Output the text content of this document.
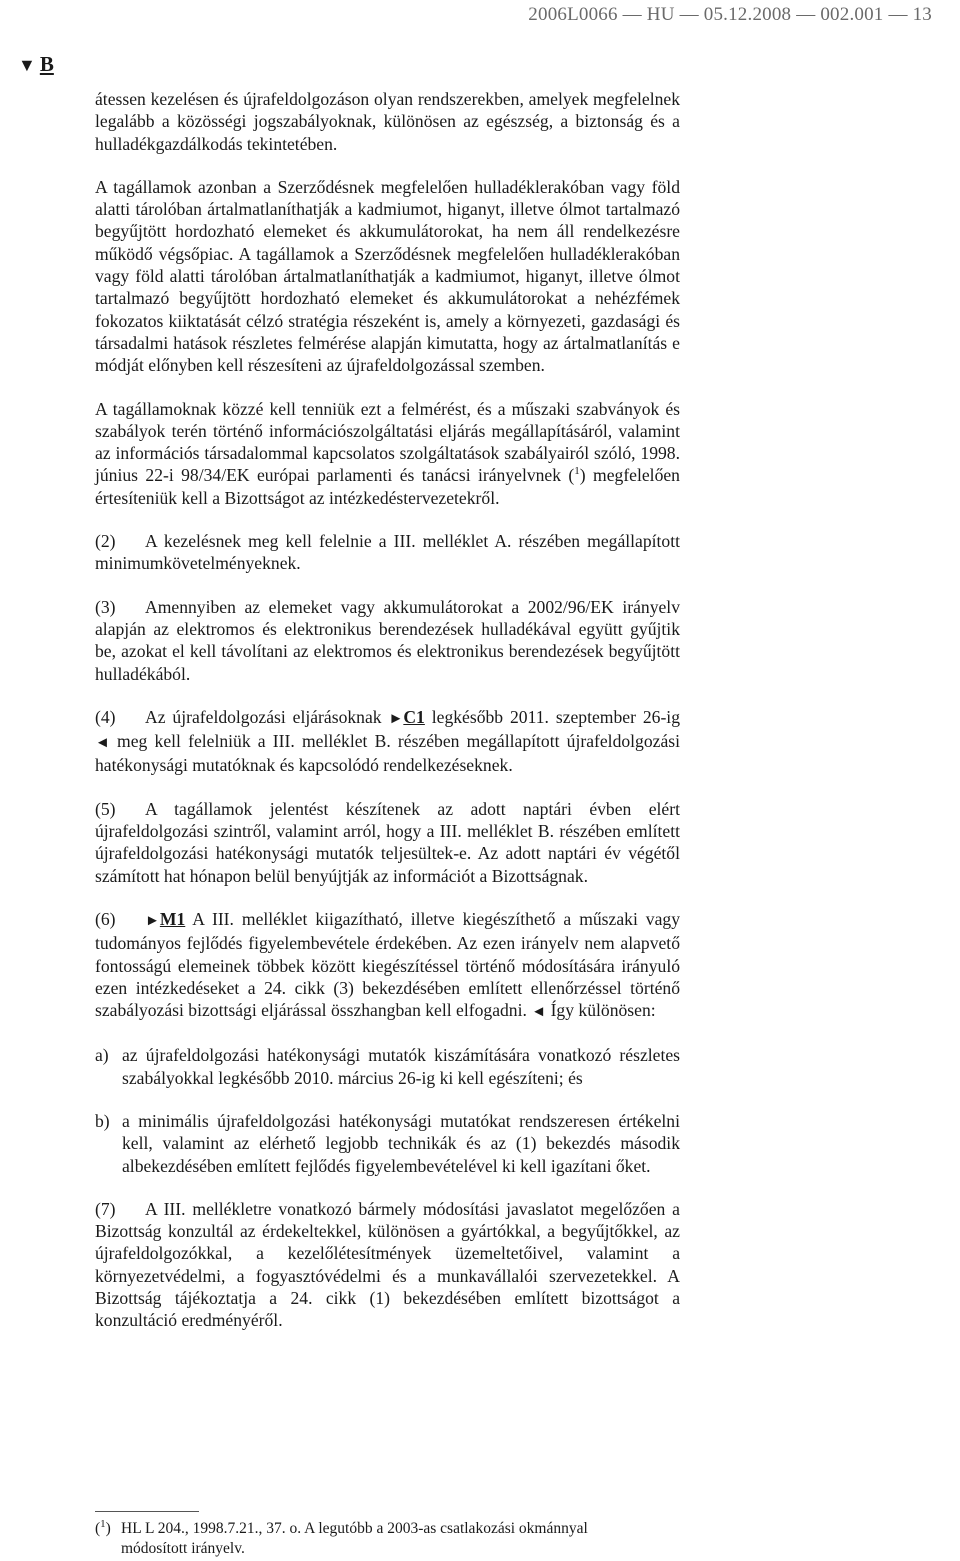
2006L0066 — HU — 05.12.2008 — 002.001 — 13
▼ B

átessen kezelésen és újrafeldolgozáson olyan rendszerekben, amelyek megfelelnek legalább a közösségi jogszabályoknak, különösen az egészség, a biztonság és a hulladékgazdálkodás tekintetében.

A tagállamok azonban a Szerződésnek megfelelően hulladéklerakóban vagy föld alatti tárolóban ártalmatlaníthatják a kadmiumot, higanyt, illetve ólmot tartalmazó begyűjtött hordozható elemeket és akkumulátorokat, ha nem áll rendelkezésre működő végsőpiac. A tagállamok a Szerződésnek megfelelően hulladéklerakóban vagy föld alatti tárolóban ártalmatlaníthatják a kadmiumot, higanyt, illetve ólmot tartalmazó begyűjtött hordozható elemeket és akkumulátorokat a nehézfémek fokozatos kiiktatását célzó stratégia részeként is, amely a környezeti, gazdasági és társadalmi hatások részletes felmérése alapján kimutatta, hogy az ártalmatlanítás e módját előnyben kell részesíteni az újrafeldolgozással szemben.

A tagállamoknak közzé kell tenniük ezt a felmérést, és a műszaki szabványok és szabályok terén történő információszolgáltatási eljárás megállapításáról, valamint az információs társadalommal kapcsolatos szolgáltatások szabályairól szóló, 1998. június 22-i 98/34/EK európai parlamenti és tanácsi irányelvnek ($^1$) megfelelően értesíteniük kell a Bizottságot az intézkedéstervezetekről.

(2) A kezelésnek meg kell felelnie a III. melléklet A. részében megállapított minimumkövetelményeknek.

(3) Amennyiben az elemeket vagy akkumulátorokat a 2002/96/EK irányelv alapján az elektromos és elektronikus berendezések hulladékával együtt gyűjtik be, azokat el kell távolítani az elektromos és elektronikus berendezések begyűjtött hulladékából.

(4) Az újrafeldolgozási eljárásoknak ►C1 legkésőbb 2011. szeptember 26-ig ◄ meg kell felelniük a III. melléklet B. részében megállapított újrafeldolgozási hatékonysági mutatóknak és kapcsolódó rendelkezéseknek.

(5) A tagállamok jelentést készítenek az adott naptári évben elért újrafeldolgozási szintről, valamint arról, hogy a III. melléklet B. részében említett újrafeldolgozási hatékonysági mutatók teljesültek-e. Az adott naptári év végétől számított hat hónapon belül benyújtják az információt a Bizottságnak.

(6) ►M1 A III. melléklet kiigazítható, illetve kiegészíthető a műszaki vagy tudományos fejlődés figyelembevétele érdekében. Az ezen irányelv nem alapvető fontosságú elemeinek többek között kiegészítéssel történő módosítására irányuló ezen intézkedéseket a 24. cikk (3) bekezdésében említett ellenőrzéssel történő szabályozási bizottsági eljárással összhangban kell elfogadni. ◄ Így különösen:

a) az újrafeldolgozási hatékonysági mutatók kiszámítására vonatkozó részletes szabályokkal legkésőbb 2010. március 26-ig ki kell egészíteni; és
b) a minimális újrafeldolgozási hatékonysági mutatókat rendszeresen értékelni kell, valamint az elérhető legjobb technikák és az (1) bekezdés második albekezdésében említett fejlődés figyelembevételével ki kell igazítani őket.

(7) A III. mellékletre vonatkozó bármely módosítási javaslatot megelőzően a Bizottság konzultál az érdekeltekkel, különösen a gyártókkal, a begyűjtőkkel, az újrafeldolgozókkal, a kezelőlétesítmények üzemeltetőivel, valamint a környezetvédelmi, a fogyasztóvédelmi és a munkavállalói szervezetekkel. A Bizottság tájékoztatja a 24. cikk (1) bekezdésében említett bizottságot a konzultáció eredményéről.

($^1$) HL L 204., 1998.7.21., 37. o. A legutóbb a 2003-as csatlakozási okmánnyal
módosított irányelv.
